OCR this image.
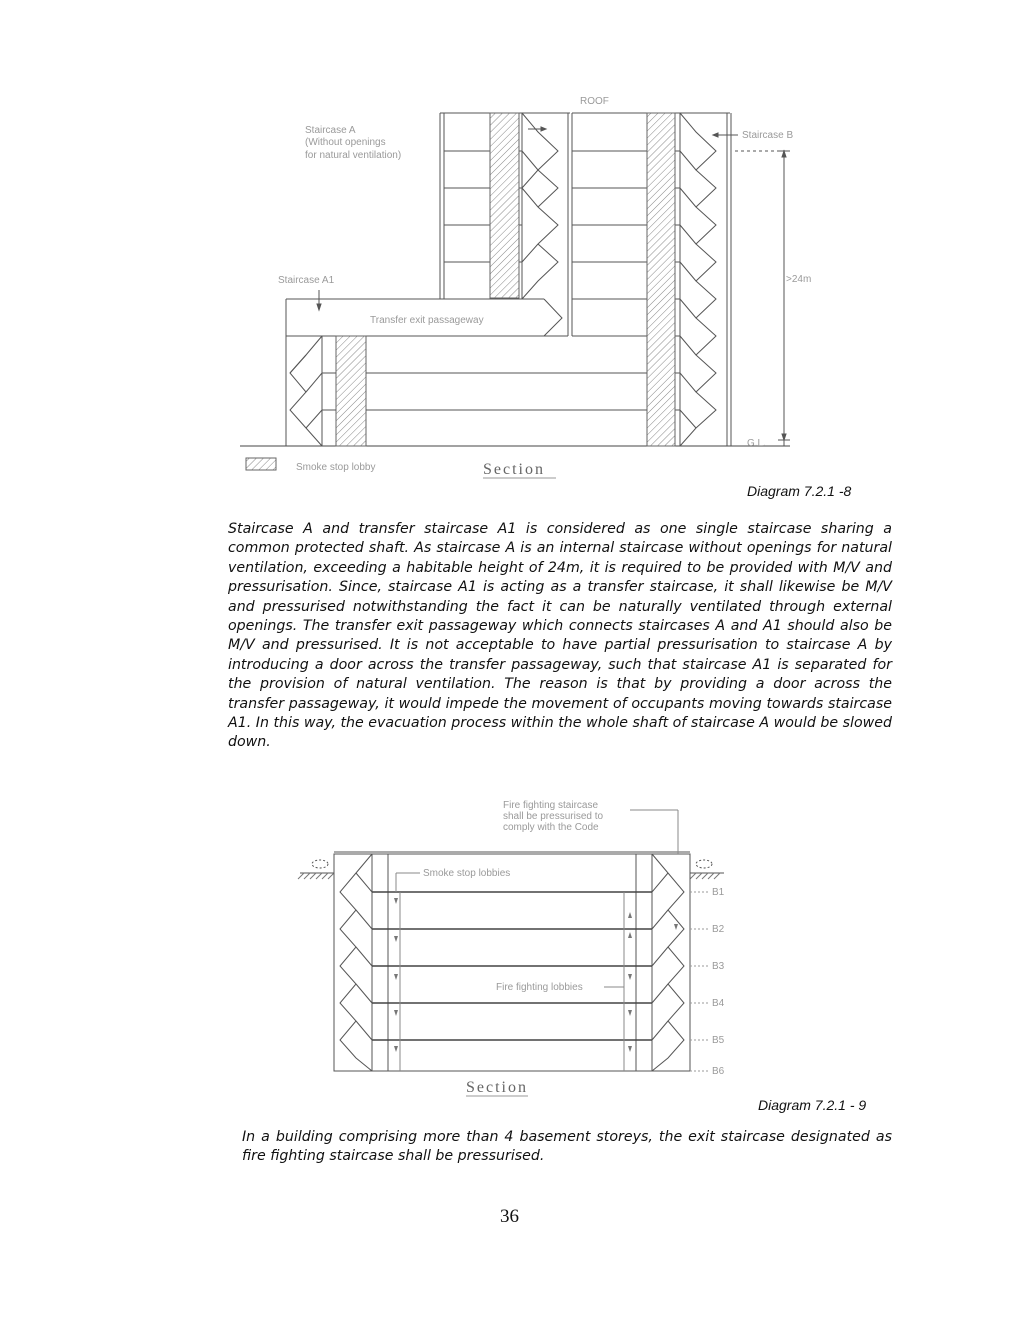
ROOF
Staircase A
(Without openings
for natural ventilation)
Staircase B
Staircase A1
Transfer exit passageway
>24m
G.L.
Smoke stop lobby	Section
Fire fighting staircase
shall be pressurised to
comply with the Code
Smoke stop lobbies
Fire fighting lobbies
B1
B2
B3
B4
B5
B6
Section
Diagram 7.2.1 -8

Staircase A and transfer staircase A1 is considered as one single staircase sharing a common protected shaft. As staircase A is an internal staircase without openings for natural ventilation, exceeding a habitable height of 24m, it is required to be provided with M/V and pressurisation. Since, staircase A1 is acting as a transfer staircase, it shall likewise be M/V and pressurised notwithstanding the fact it can be naturally ventilated through external openings. The transfer exit passageway which connects staircases A and A1 should also be M/V and pressurised. It is not acceptable to have partial pressurisation to staircase A by introducing a door across the transfer passageway, such that staircase A1 is separated for the provision of natural ventilation. The reason is that by providing a door across the transfer passageway, it would impede the movement of occupants moving towards staircase A1. In this way, the evacuation process within the whole shaft of staircase A would be slowed down.

Diagram 7.2.1 - 9

In a building comprising more than 4 basement storeys, the exit staircase designated as fire fighting staircase shall be pressurised.

36
